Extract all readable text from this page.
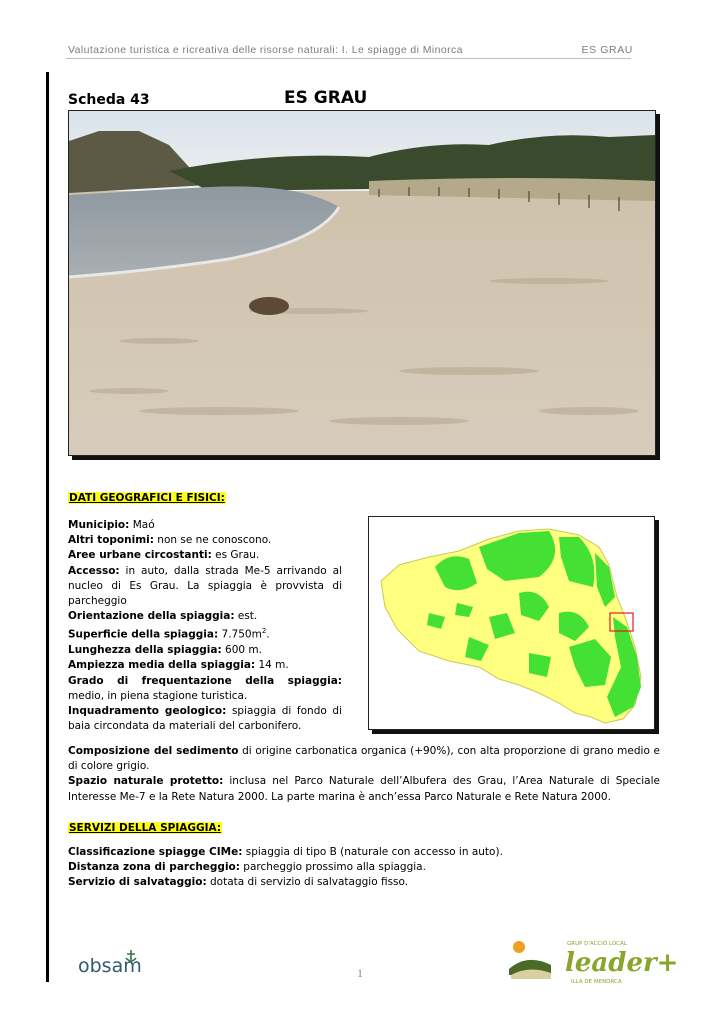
Valutazione turistica e ricreativa delle risorse naturali: I. Le spiagge di Minorca	ES GRAU
Scheda 43	ES GRAU
DATI GEOGRAFICI E FISICI:

Municipio: Maó

Altri toponimi: non se ne conoscono.

Aree urbane circostanti: es Grau.

Accesso: in auto, dalla strada Me-5 arrivando al nucleo di Es Grau. La spiaggia è provvista di parcheggio

Orientazione della spiaggia: est.

Superficie della spiaggia: $7.750m^2$.

Lunghezza della spiaggia: 600 m.

Ampiezza media della spiaggia: 14 m.

Grado di frequentazione della spiaggia: medio, in piena stagione turistica.

Inquadramento geologico: spiaggia di fondo di baia circondata da materiali del carbonifero.

Composizione del sedimento di origine carbonatica organica (+90%), con alta proporzione di grano medio e di colore grigio.

Spazio naturale protetto: inclusa nel Parco Naturale dell’Albufera des Grau, l’Area Naturale di Speciale Interesse Me-7 e la Rete Natura 2000. La parte marina è anch’essa Parco Naturale e Rete Natura 2000.

SERVIZI DELLA SPIAGGIA:

Classificazione spiagge CIMe: spiaggia di tipo B (naturale con accesso in auto).

Distanza zona di parcheggio: parcheggio prossimo alla spiaggia.

Servizio di salvataggio: dotata di servizio di salvataggio fisso.

obsam	1
GRUP D'ACCIÓ LOCAL
leader+
ILLA DE MENORCA
